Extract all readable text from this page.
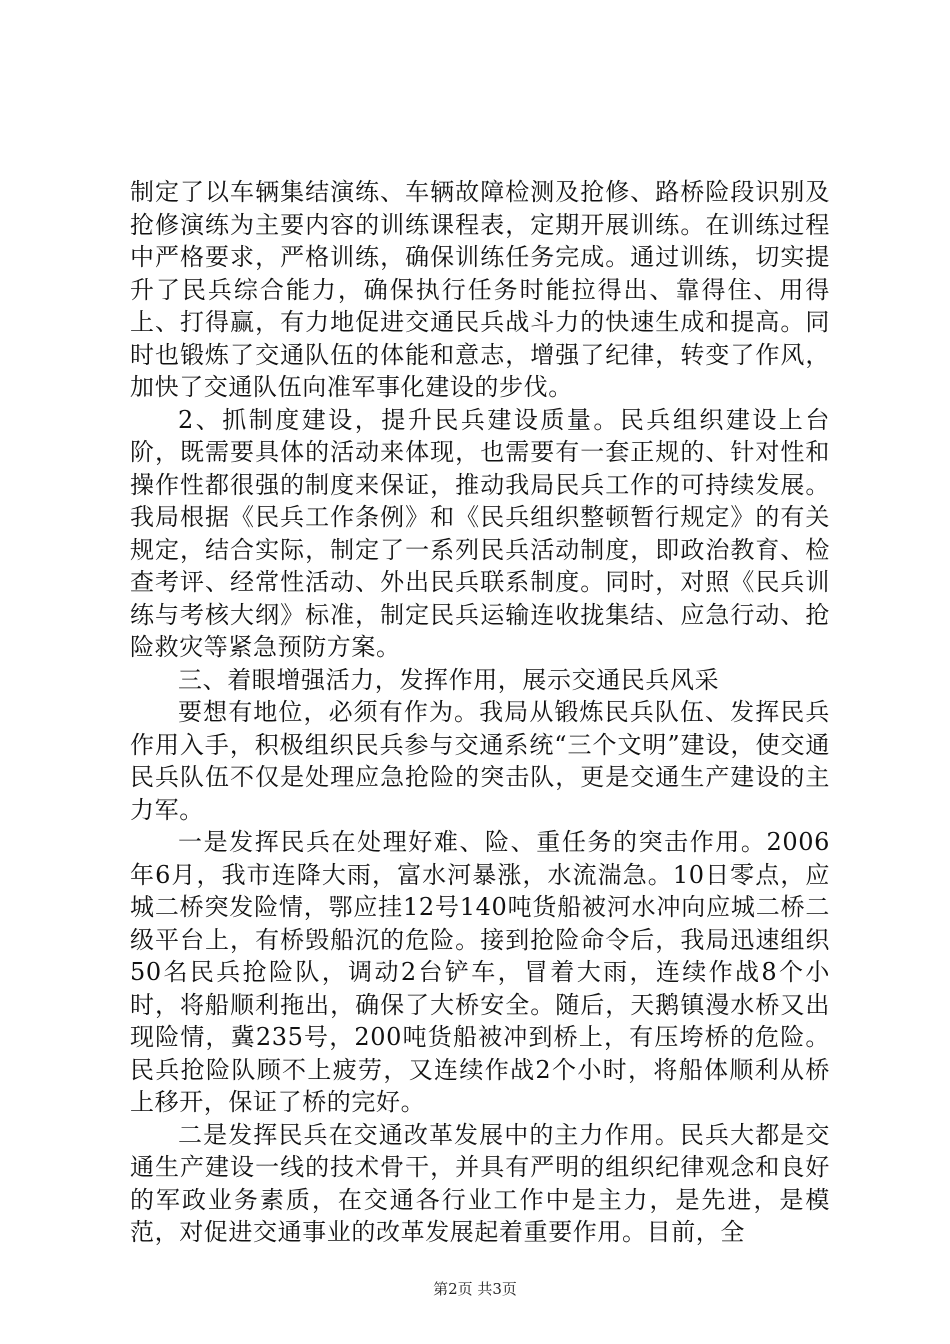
制定了以车辆集结演练、车辆故障检测及抢修、路桥险段识别及抢修演练为主要内容的训练课程表，定期开展训练。在训练过程中严格要求，严格训练，确保训练任务完成。通过训练，切实提升了民兵综合能力，确保执行任务时能拉得出、靠得住、用得上、打得赢，有力地促进交通民兵战斗力的快速生成和提高。同时也锻炼了交通队伍的体能和意志，增强了纪律，转变了作风，加快了交通队伍向准军事化建设的步伐。

2、抓制度建设，提升民兵建设质量。民兵组织建设上台阶，既需要具体的活动来体现，也需要有一套正规的、针对性和操作性都很强的制度来保证，推动我局民兵工作的可持续发展。我局根据《民兵工作条例》和《民兵组织整顿暂行规定》的有关规定，结合实际，制定了一系列民兵活动制度，即政治教育、检查考评、经常性活动、外出民兵联系制度。同时，对照《民兵训练与考核大纲》标准，制定民兵运输连收拢集结、应急行动、抢险救灾等紧急预防方案。

三、着眼增强活力，发挥作用，展示交通民兵风采

要想有地位，必须有作为。我局从锻炼民兵队伍、发挥民兵作用入手，积极组织民兵参与交通系统“三个文明”建设，使交通民兵队伍不仅是处理应急抢险的突击队，更是交通生产建设的主力军。

一是发挥民兵在处理好难、险、重任务的突击作用。2006年6月，我市连降大雨，富水河暴涨，水流湍急。10日零点，应城二桥突发险情，鄂应挂12号140吨货船被河水冲向应城二桥二级平台上，有桥毁船沉的危险。接到抢险命令后，我局迅速组织50名民兵抢险队，调动2台铲车，冒着大雨，连续作战8个小时，将船顺利拖出，确保了大桥安全。随后，天鹅镇漫水桥又出现险情，冀235号，200吨货船被冲到桥上，有压垮桥的危险。民兵抢险队顾不上疲劳，又连续作战2个小时，将船体顺利从桥上移开，保证了桥的完好。

二是发挥民兵在交通改革发展中的主力作用。民兵大都是交通生产建设一线的技术骨干，并具有严明的组织纪律观念和良好的军政业务素质，在交通各行业工作中是主力，是先进，是模范，对促进交通事业的改革发展起着重要作用。目前，全

第2页 共3页
